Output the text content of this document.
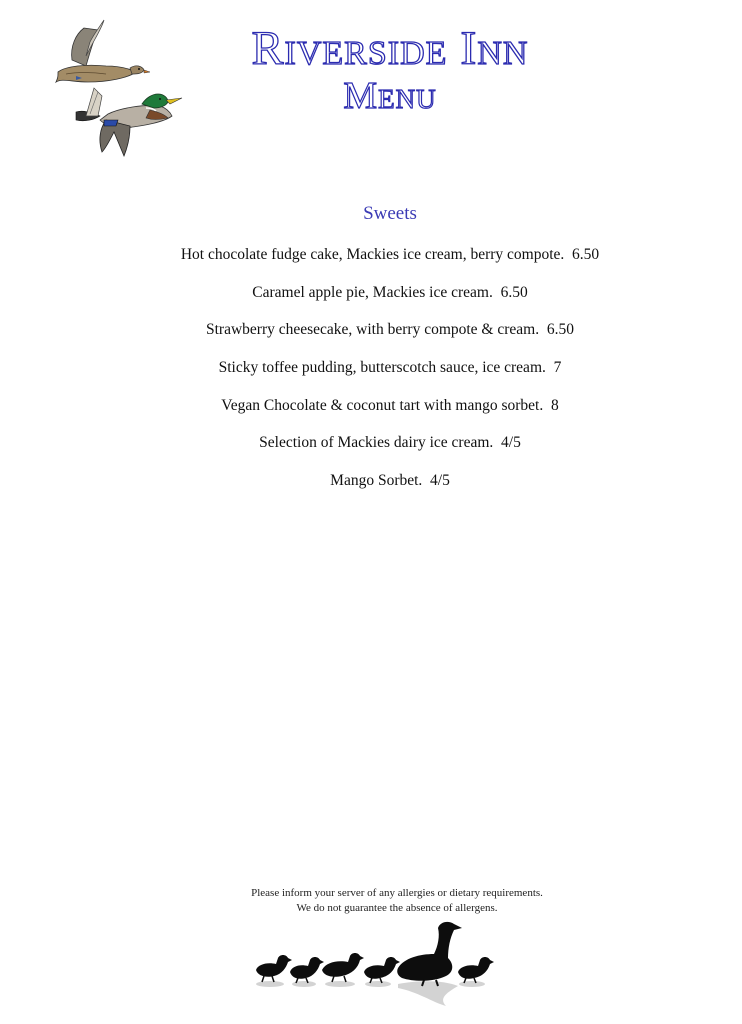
Riverside Inn
Menu
Sweets
Hot chocolate fudge cake, Mackies ice cream, berry compote.  6.50
Caramel apple pie, Mackies ice cream.  6.50
Strawberry cheesecake, with berry compote & cream.  6.50
Sticky toffee pudding, butterscotch sauce, ice cream.  7
Vegan Chocolate & coconut tart with mango sorbet.  8
Selection of Mackies dairy ice cream.  4/5
Mango Sorbet.  4/5
Please inform your server of any allergies or dietary requirements.
We do not guarantee the absence of allergens.
